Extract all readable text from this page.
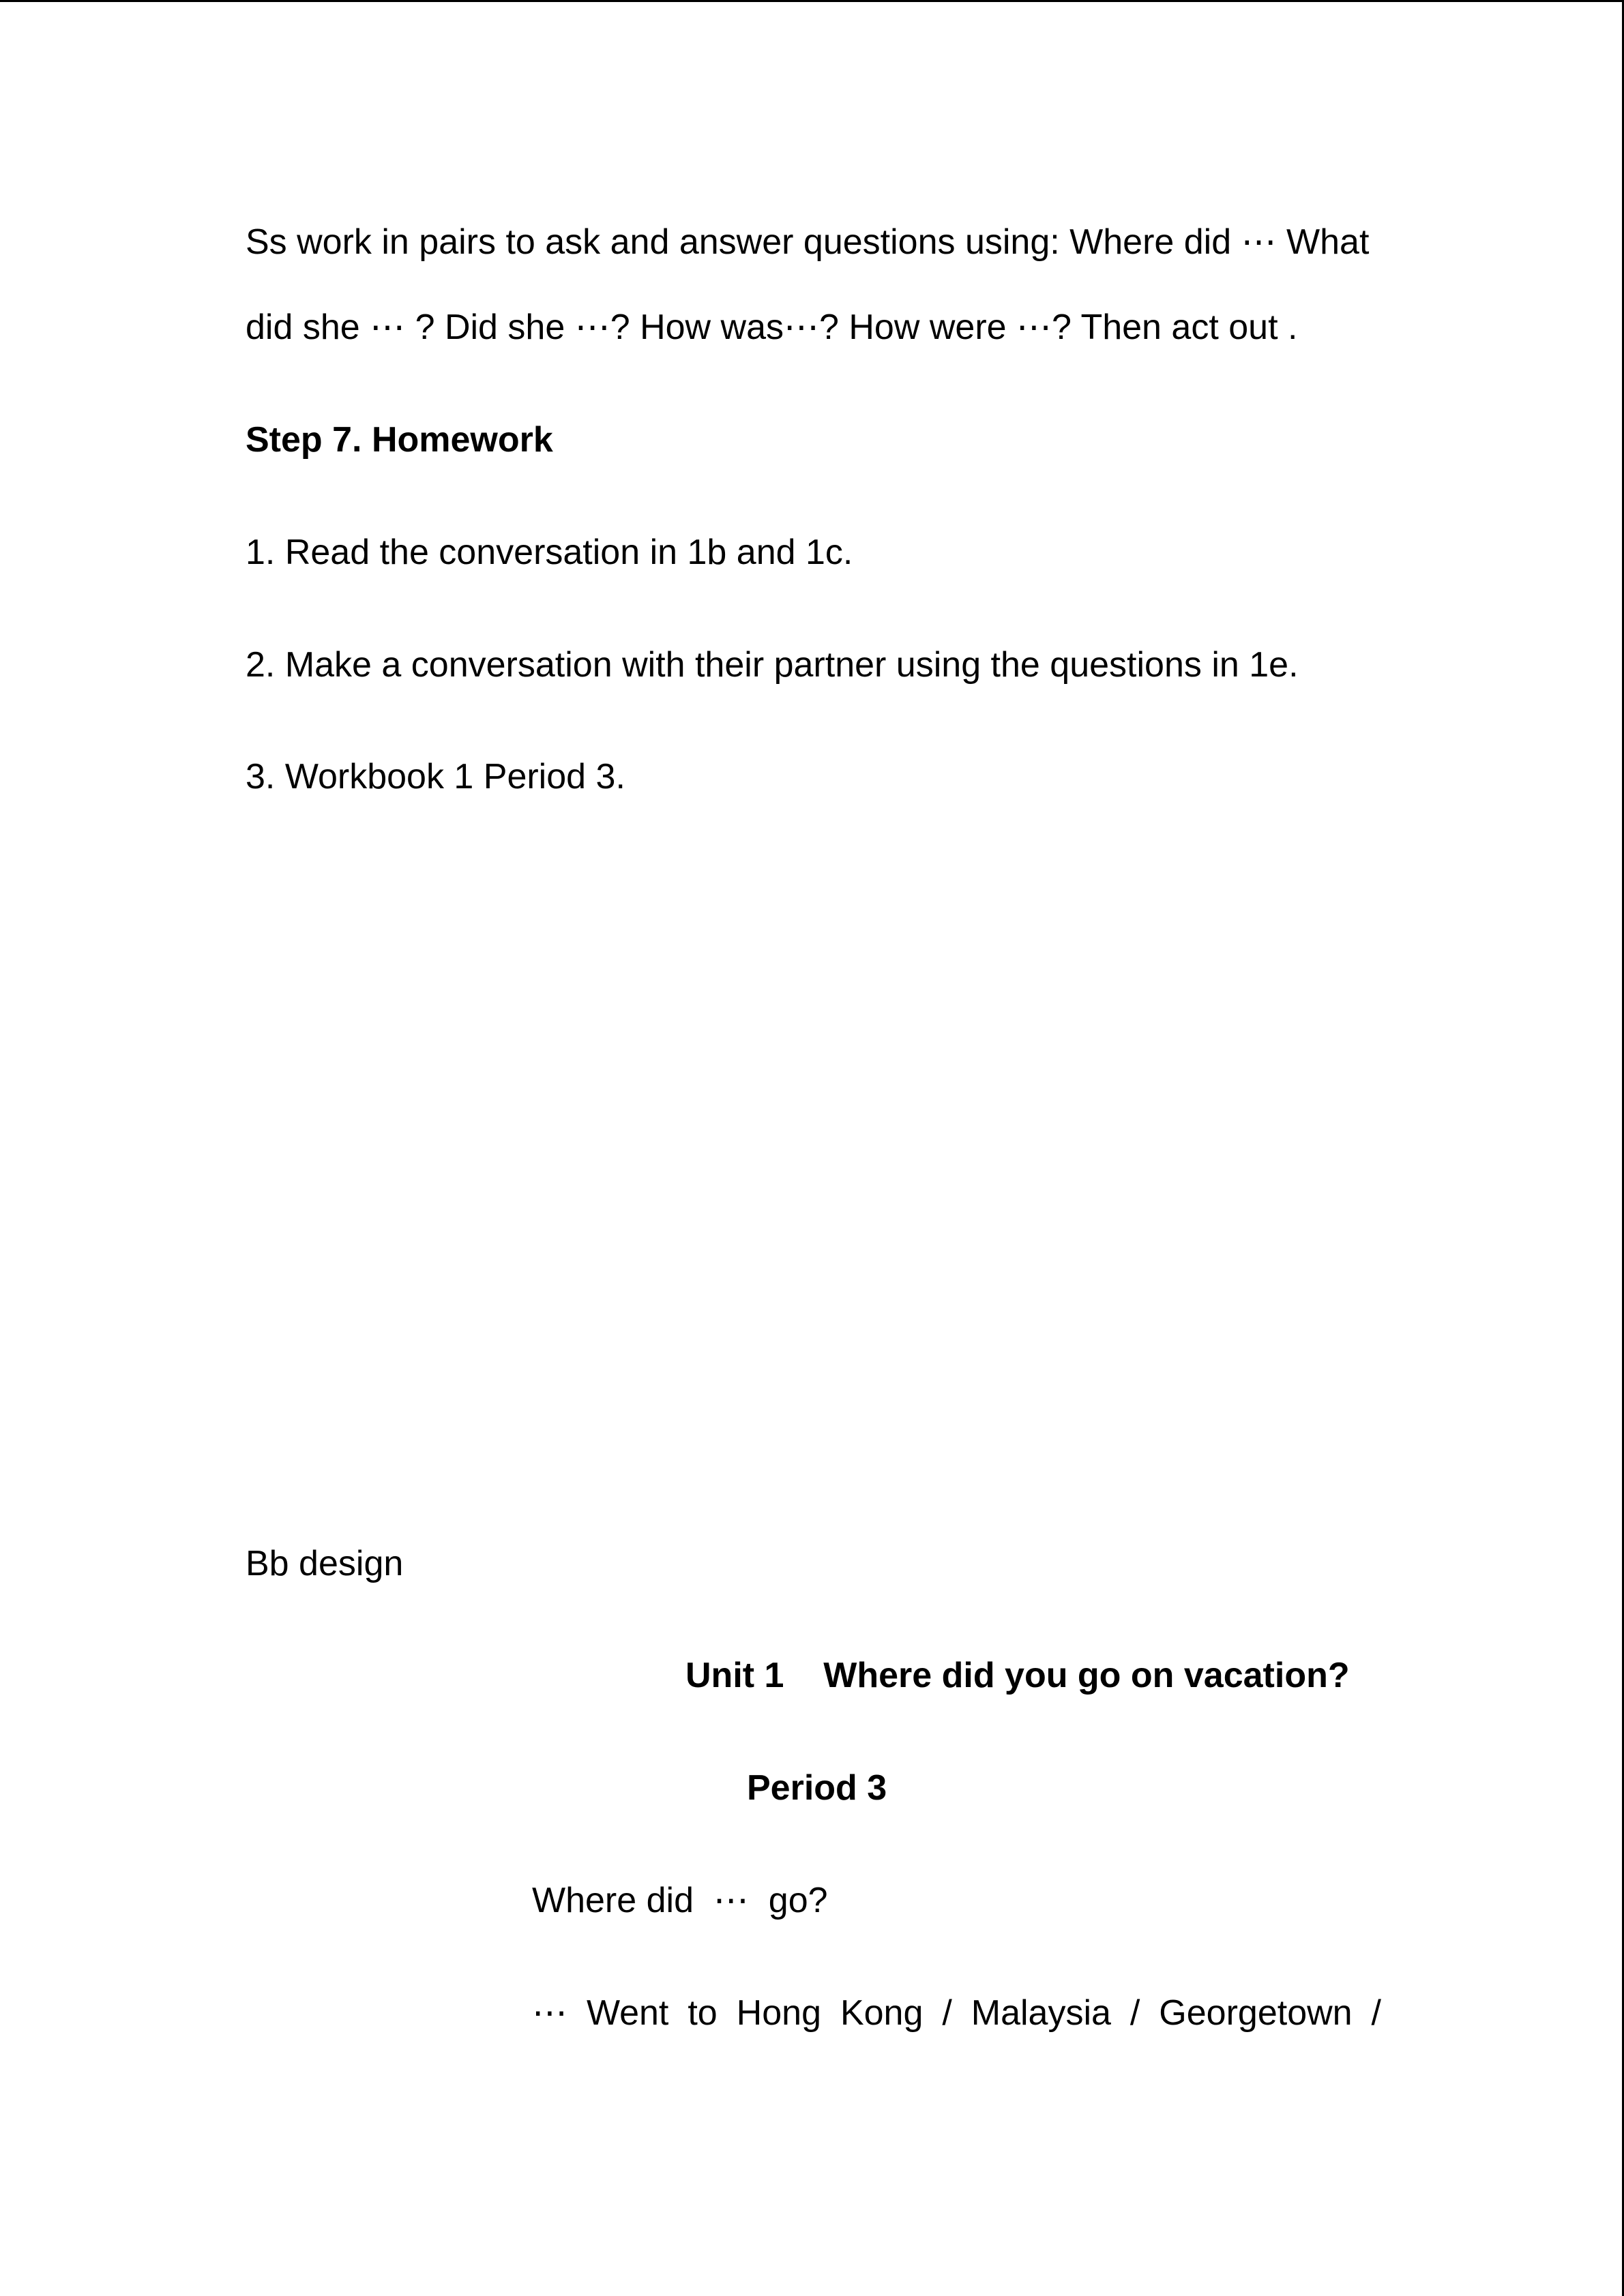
Ss work in pairs to ask and answer questions using: Where did ⋯ What
did she ⋯ ? Did she ⋯? How was⋯? How were ⋯? Then act out .
Step 7. Homework
1. Read the conversation in 1b and 1c.
2. Make a conversation with their partner using the questions in 1e.
3. Workbook 1 Period 3.
Bb design
Unit 1    Where did you go on vacation?
Period 3
Where did  ⋯  go?
⋯ Went to Hong Kong / Malaysia / Georgetown /
